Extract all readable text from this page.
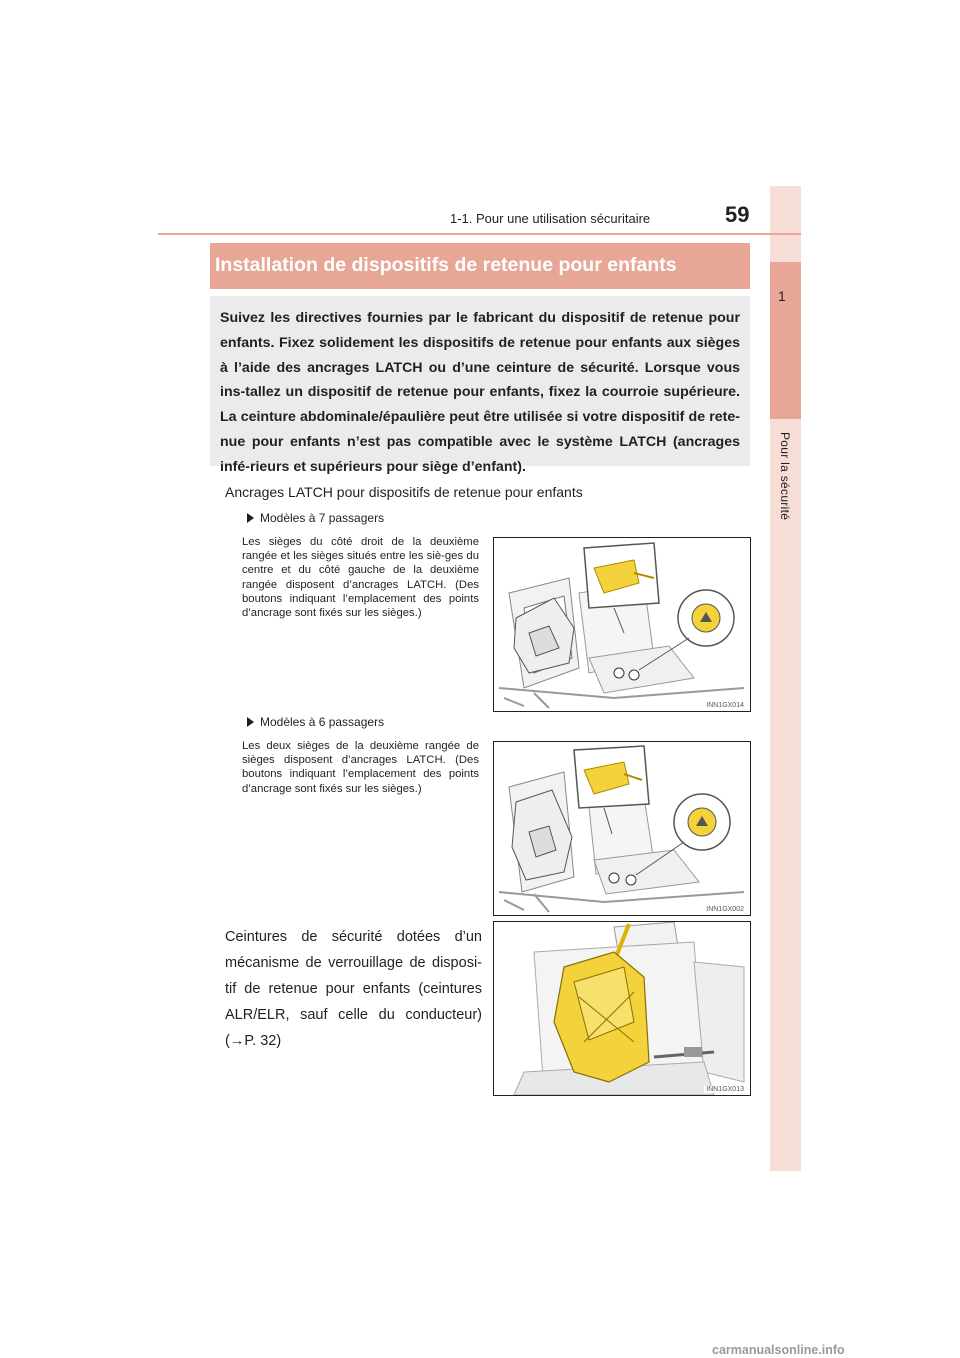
1
Pour la sécurité
1-1. Pour une utilisation sécuritaire	59
Installation de dispositifs de retenue pour enfants

Suivez les directives fournies par le fabricant du dispositif de retenue pour enfants. Fixez solidement les dispositifs de retenue pour enfants aux sièges à l’aide des ancrages LATCH ou d’une ceinture de sécurité. Lorsque vous ins-tallez un dispositif de retenue pour enfants, fixez la courroie supérieure. La ceinture abdominale/épaulière peut être utilisée si votre dispositif de rete-nue pour enfants n’est pas compatible avec le système LATCH (ancrages infé-rieurs et supérieurs pour siège d’enfant).

Ancrages LATCH pour dispositifs de retenue pour enfants
Modèles à 7 passagers
Les sièges du côté droit de la deuxième rangée et les sièges situés entre les siè-ges du centre et du côté gauche de la deuxième rangée disposent d’ancrages LATCH. (Des boutons indiquant l’emplacement des points d’ancrage sont fixés sur les sièges.)
INN1GX014
Modèles à 6 passagers
Les deux sièges de la deuxième rangée de sièges disposent d’ancrages LATCH. (Des boutons indiquant l’emplacement des points d’ancrage sont fixés sur les sièges.)
INN1GX002
Ceintures de sécurité dotées d’un mécanisme de verrouillage de disposi-tif de retenue pour enfants (ceintures ALR/ELR, sauf celle du conducteur) (→P. 32)
INN1GX013
carmanualsonline.info
